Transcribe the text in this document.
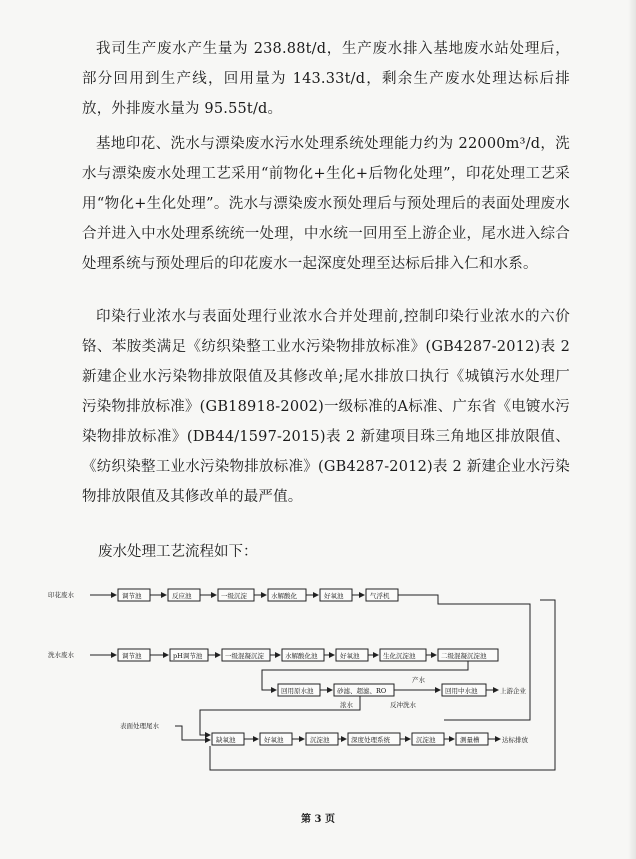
我司生产废水产生量为 238.88t/d，生产废水排入基地废水站处理后，部分回用到生产线，回用量为 143.33t/d，剩余生产废水处理达标后排放，外排废水量为 95.55t/d。

基地印花、洗水与漂染废水污水处理系统处理能力约为 22000m³/d，洗水与漂染废水处理工艺采用“前物化+生化+后物化处理”，印花处理工艺采用“物化+生化处理”。洗水与漂染废水预处理后与预处理后的表面处理废水合并进入中水处理系统统一处理，中水统一回用至上游企业，尾水进入综合处理系统与预处理后的印花废水一起深度处理至达标后排入仁和水系。

印染行业浓水与表面处理行业浓水合并处理前,控制印染行业浓水的六价铬、苯胺类满足《纺织染整工业水污染物排放标准》(GB4287-2012)表 2 新建企业水污染物排放限值及其修改单;尾水排放口执行《城镇污水处理厂污染物排放标准》(GB18918-2002)一级标准的A标准、广东省《电镀水污染物排放标准》(DB44/1597-2015)表 2 新建项目珠三角地区排放限值、《纺织染整工业水污染物排放标准》(GB4287-2012)表 2 新建企业水污染物排放限值及其修改单的最严值。

废水处理工艺流程如下：

印花废水	调节池	反应池	一级沉淀	水解酸化	好氧池	气浮机
洗水废水	调节池	pH调节池	一级混凝沉淀	水解酸化池	好氧池	生化沉淀池	二级混凝沉淀池
回用原水池	砂滤、超滤、RO
产水
回用中水池	上游企业
浓水	反冲洗水
表面处理尾水
缺氧池	好氧池	沉淀池	深度处理系统	沉淀池	测量槽	达标排放
第 3 页
